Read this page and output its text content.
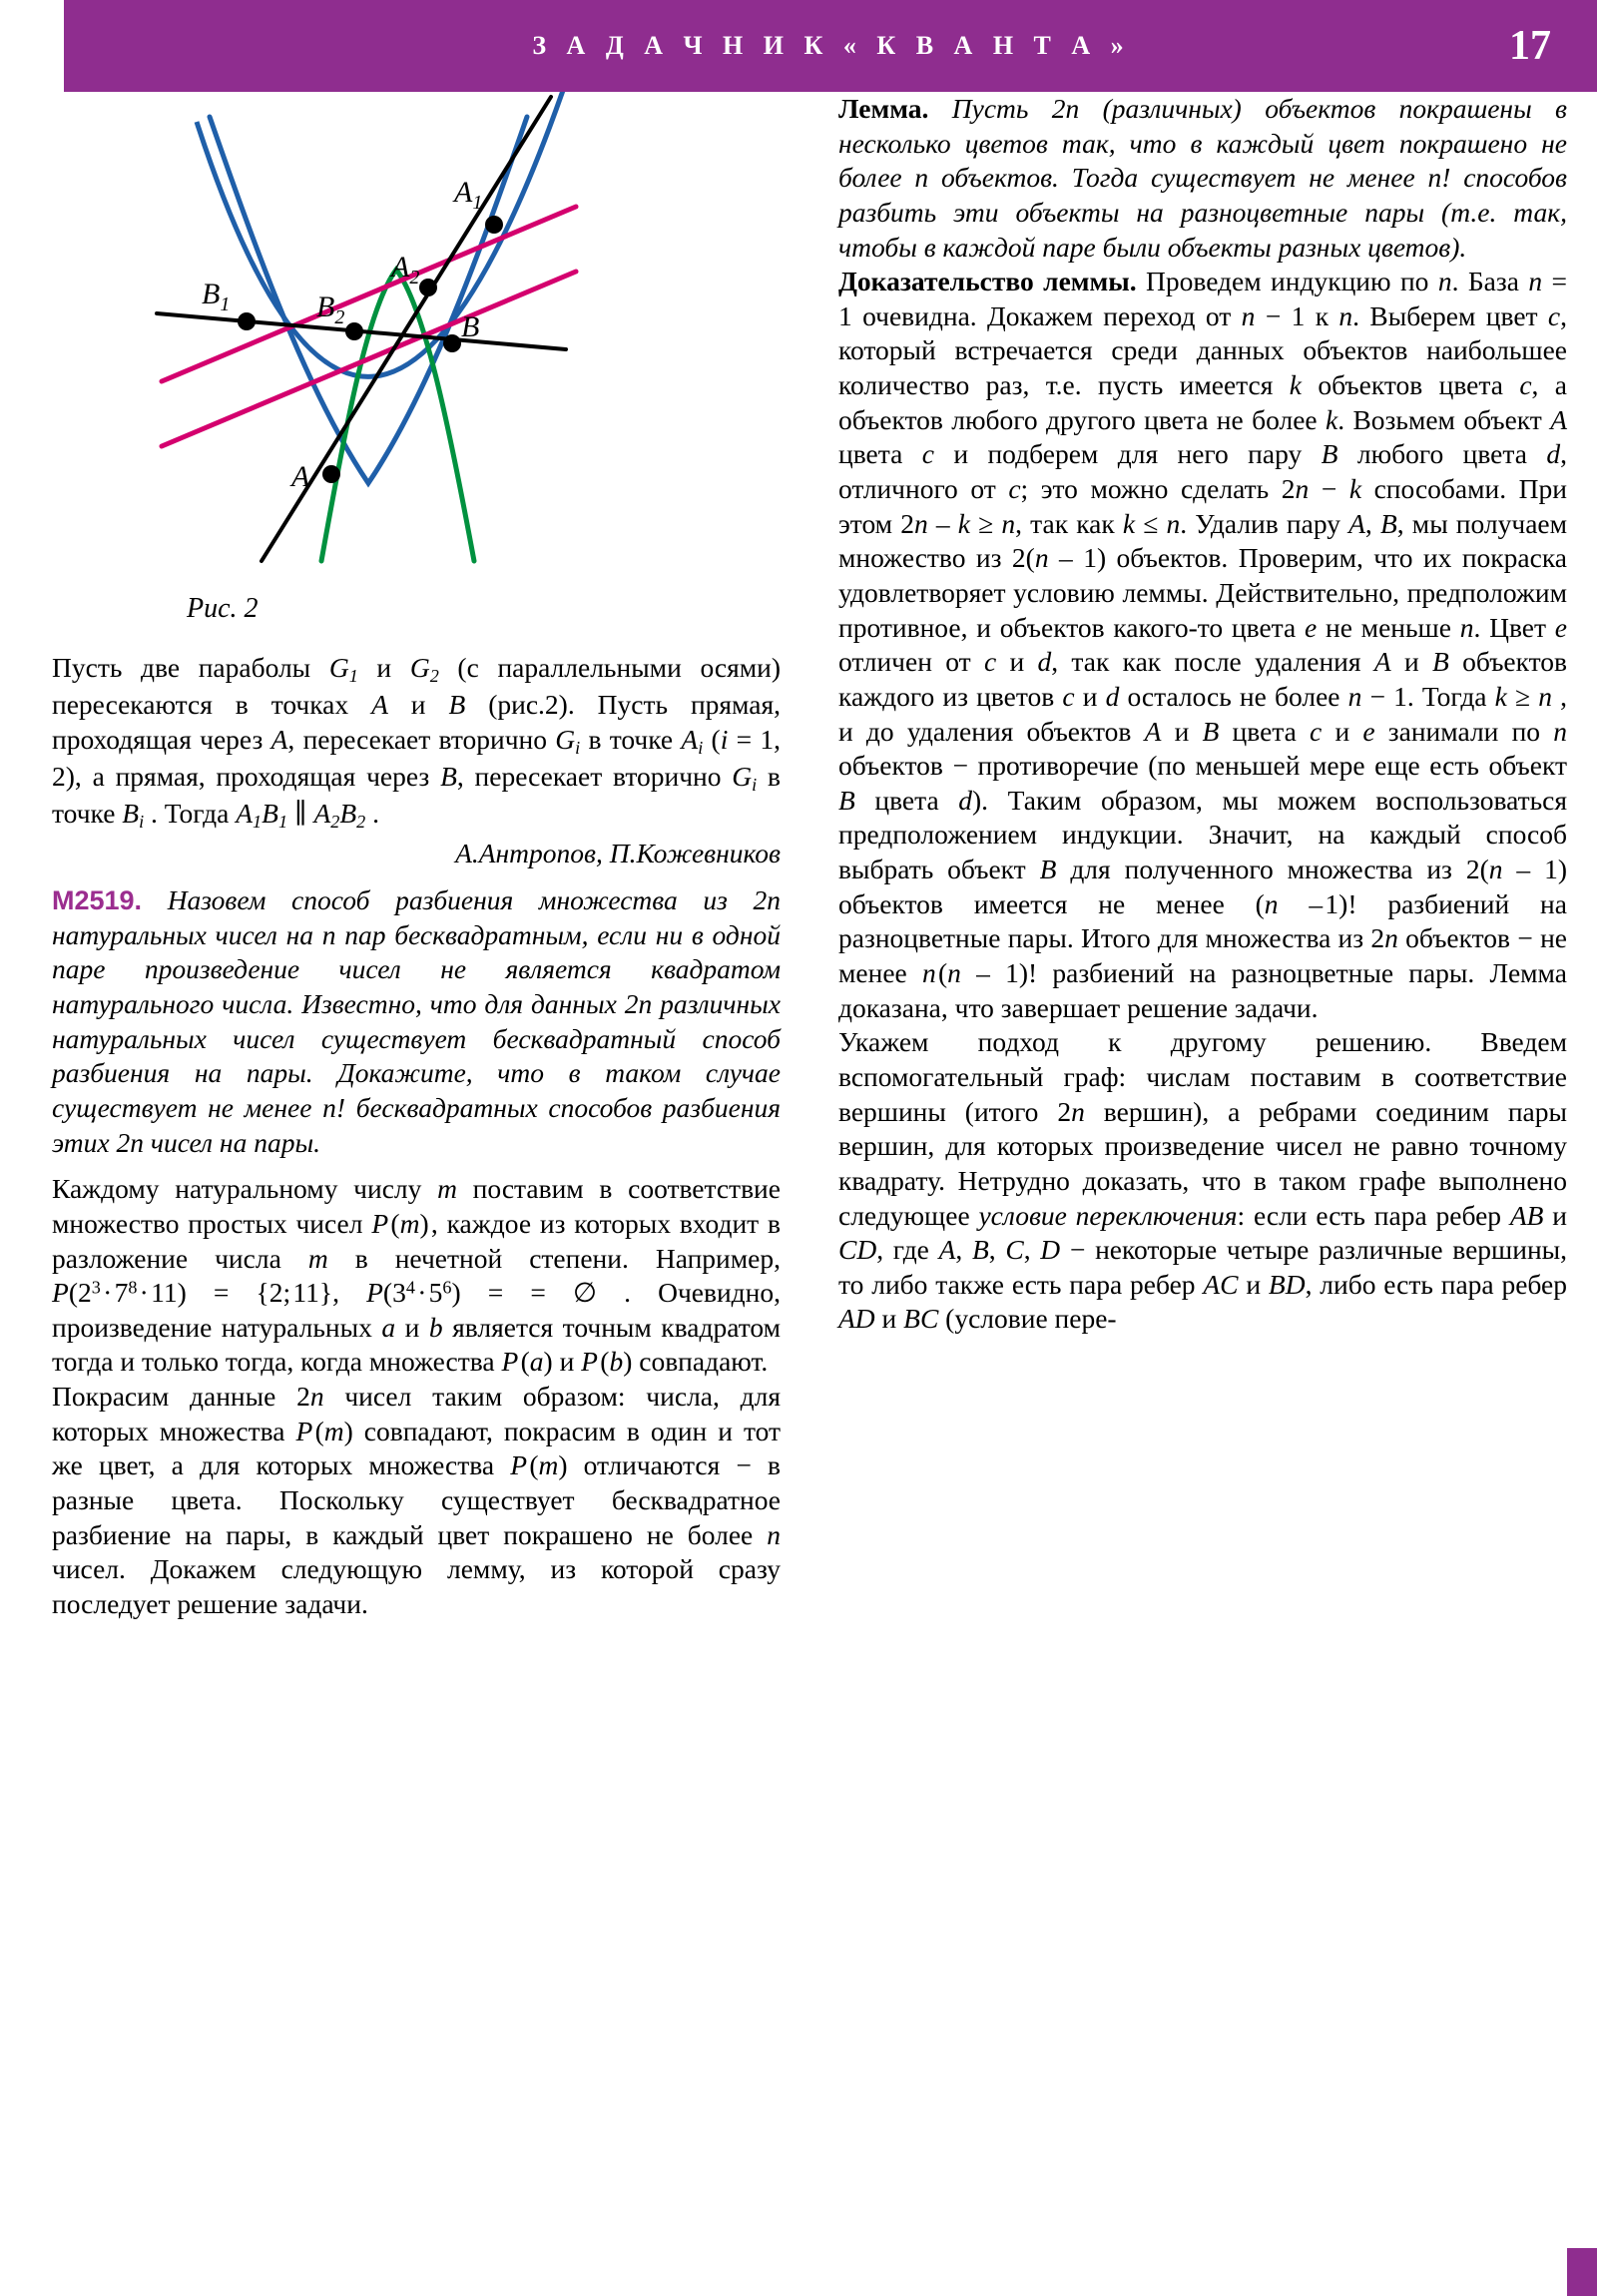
З А Д А Ч Н И К « К В А Н Т А »	17
$B_1$	$B_2$	B
$A_2$
$A_1$
A
Рис. 2

Пусть две параболы $G_1$ и $G_2$ (с параллельными осями) пересекаются в точках A и B (рис.2). Пусть прямая, проходящая через A, пересекает вторично $G_i$ в точке $A_i$ (i = 1, 2), а прямая, проходящая через B, пересекает вторично $G_i$ в точке $B_i$ . Тогда $A_1B_1$ ∥ $A_2B_2$ .

А.Антропов, П.Кожевников

М2519. Назовем способ разбиения множества из 2n натуральных чисел на n пар бесквадратным, если ни в одной паре произведение чисел не является квадратом натурального числа. Известно, что для данных 2n различных натуральных чисел существует бесквадратный способ разбиения на пары. Докажите, что в таком случае существует не менее n! бесквадратных способов разбиения этих 2n чисел на пары.

Каждому натуральному числу m поставим в соответствие множество простых чисел P (m) , каждое из которых входит в разложение числа m в нечетной степени. Например, $P(2^3$ · $7^8$ · 11) = {2; 11}, $P(3^4$ · $5^6$) = = ∅ . Очевидно, произведение натуральных a и b является точным квадратом тогда и только тогда, когда множества P (a) и P (b) совпадают.

Покрасим данные 2n чисел таким образом: числа, для которых множества P (m) совпадают, покрасим в один и тот же цвет, а для которых множества P (m) отличаются − в разные цвета. Поскольку существует бесквадратное разбиение на пары, в каждый цвет покрашено не более n чисел. Докажем следующую лемму, из которой сразу последует решение задачи.

Лемма. Пусть 2n (различных) объектов покрашены в несколько цветов так, что в каждый цвет покрашено не более n объектов. Тогда существует не менее n! способов разбить эти объекты на разноцветные пары (т.е. так, чтобы в каждой паре были объекты разных цветов).

Доказательство леммы. Проведем индукцию по n. База n = 1 очевидна. Докажем переход от n − 1 к n. Выберем цвет c, который встречается среди данных объектов наибольшее количество раз, т.е. пусть имеется k объектов цвета c, а объектов любого другого цвета не более k. Возьмем объект A цвета c и подберем для него пару B любого цвета d, отличного от c; это можно сделать 2n − k способами. При этом 2n – k ≥ n, так как k ≤ n. Удалив пару A, B, мы получаем множество из 2(n – 1) объектов. Проверим, что их покраска удовлетворяет условию леммы. Действительно, предположим противное, и объектов какого-то цвета e не меньше n. Цвет e отличен от c и d, так как после удаления A и B объектов каждого из цветов c и d осталось не более n − 1. Тогда k ≥ n , и до удаления объектов A и B цвета c и e занимали по n объектов − противоречие (по меньшей мере еще есть объект B цвета d). Таким образом, мы можем воспользоваться предположением индукции. Значит, на каждый способ выбрать объект B для полученного множества из 2(n – 1) объектов имеется не менее (n – 1)! разбиений на разноцветные пары. Итого для множества из 2n объектов − не менее n (n – 1)! разбиений на разноцветные пары. Лемма доказана, что завершает решение задачи.

Укажем подход к другому решению. Введем вспомогательный граф: числам поставим в соответствие вершины (итого 2n вершин), а ребрами соединим пары вершин, для которых произведение чисел не равно точному квадрату. Нетрудно доказать, что в таком графе выполнено следующее условие переключения: если есть пара ребер AB и CD, где A, B, C, D − некоторые четыре различные вершины, то либо также есть пара ребер AC и BD, либо есть пара ребер AD и BC (условие пере-
